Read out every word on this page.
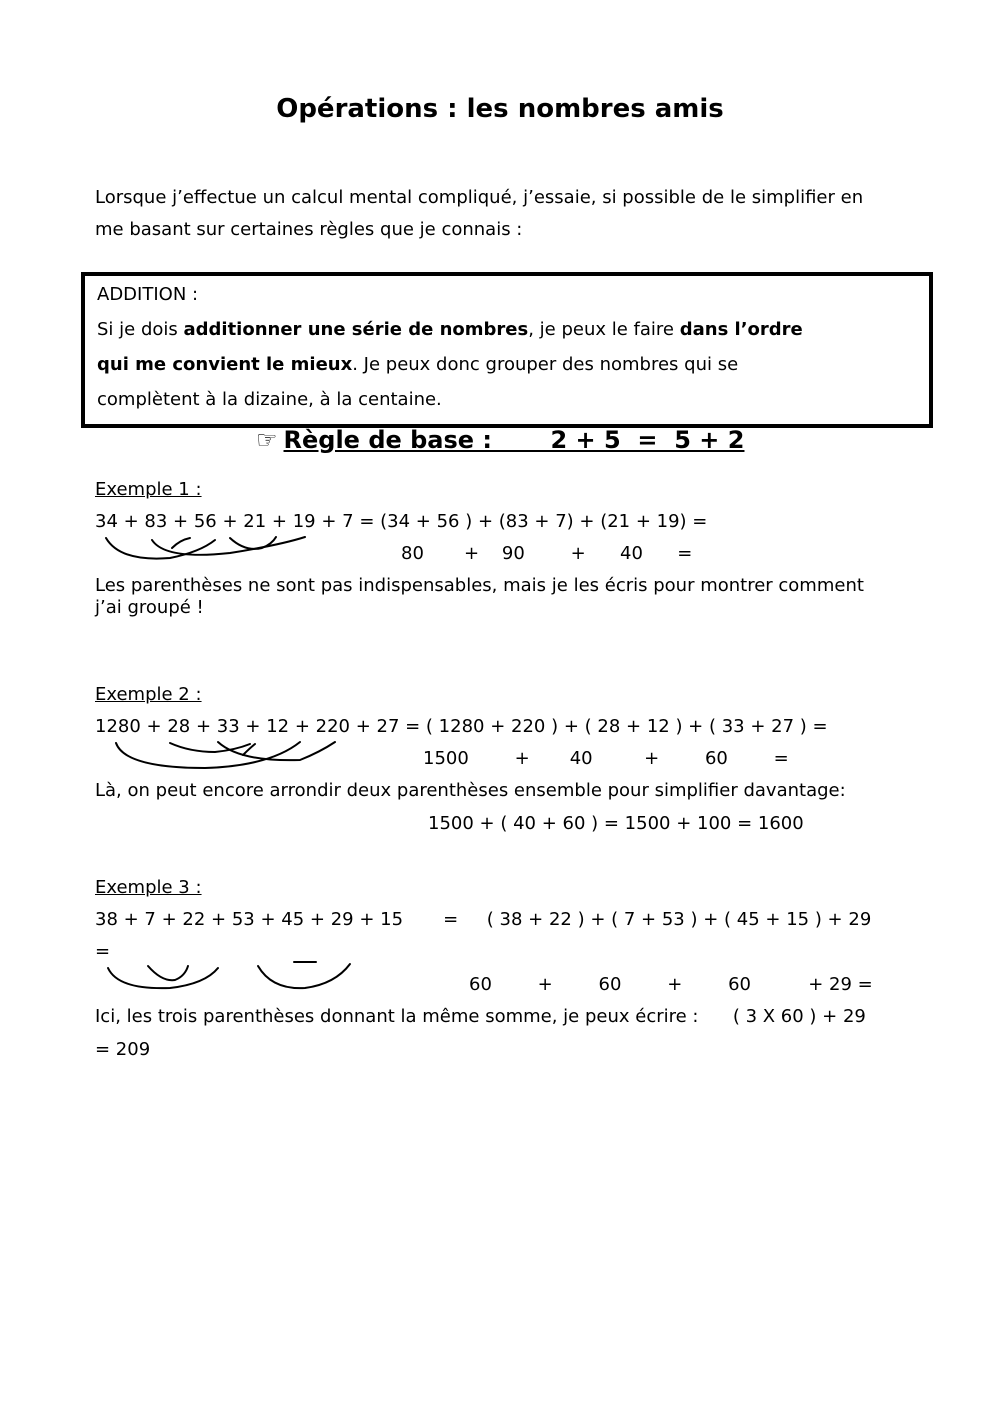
Opérations : les nombres amis
Lorsque j’effectue un calcul mental compliqué, j’essaie, si possible de le simplifier en me basant sur certaines règles que je connais :
ADDITION :
Si je dois additionner une série de nombres, je peux le faire dans l’ordre
qui me convient le mieux. Je peux donc grouper des nombres qui se
complètent à la dizaine, à la centaine.
☞ Règle de base :       2 + 5  =  5 + 2
Exemple 1 :
34 + 83 + 56 + 21 + 19 + 7 = (34 + 56 ) + (83 + 7) + (21 + 19) =
80       +    90        +      40      =
Les parenthèses ne sont pas indispensables, mais je les écris pour montrer comment
j’ai groupé !
Exemple 2 :
1280 + 28 + 33 + 12 + 220 + 27 = ( 1280 + 220 ) + ( 28 + 12 ) + ( 33 + 27 ) =
1500        +       40         +        60        =
Là, on peut encore arrondir deux parenthèses ensemble pour simplifier davantage:
1500 + ( 40 + 60 ) = 1500 + 100 = 1600
Exemple 3 :
38 + 7 + 22 + 53 + 45 + 29 + 15       =     ( 38 + 22 ) + ( 7 + 53 ) + ( 45 + 15 ) + 29
=
60        +        60        +        60          + 29 =
Ici, les trois parenthèses donnant la même somme, je peux écrire :      ( 3 X 60 ) + 29
= 209
